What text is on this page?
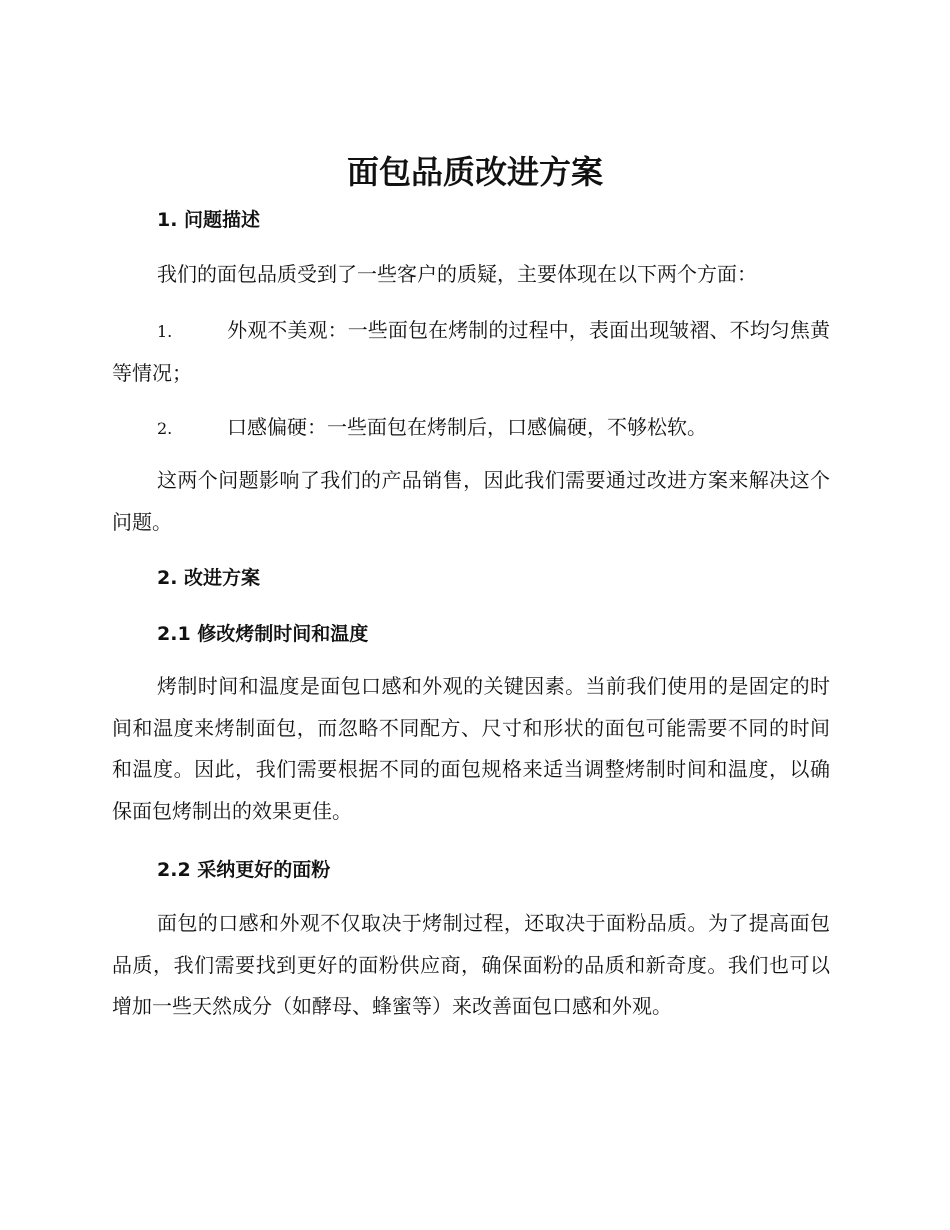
面包品质改进方案
1. 问题描述

我们的面包品质受到了一些客户的质疑，主要体现在以下两个方面：

1.	外观不美观：一些面包在烤制的过程中，表面出现皱褶、不均匀焦黄等情况；

2.	口感偏硬：一些面包在烤制后，口感偏硬，不够松软。

这两个问题影响了我们的产品销售，因此我们需要通过改进方案来解决这个问题。

2. 改进方案
2.1 修改烤制时间和温度

烤制时间和温度是面包口感和外观的关键因素。当前我们使用的是固定的时间和温度来烤制面包，而忽略不同配方、尺寸和形状的面包可能需要不同的时间和温度。因此，我们需要根据不同的面包规格来适当调整烤制时间和温度，以确保面包烤制出的效果更佳。

2.2 采纳更好的面粉

面包的口感和外观不仅取决于烤制过程，还取决于面粉品质。为了提高面包品质，我们需要找到更好的面粉供应商，确保面粉的品质和新奇度。我们也可以增加一些天然成分（如酵母、蜂蜜等）来改善面包口感和外观。
